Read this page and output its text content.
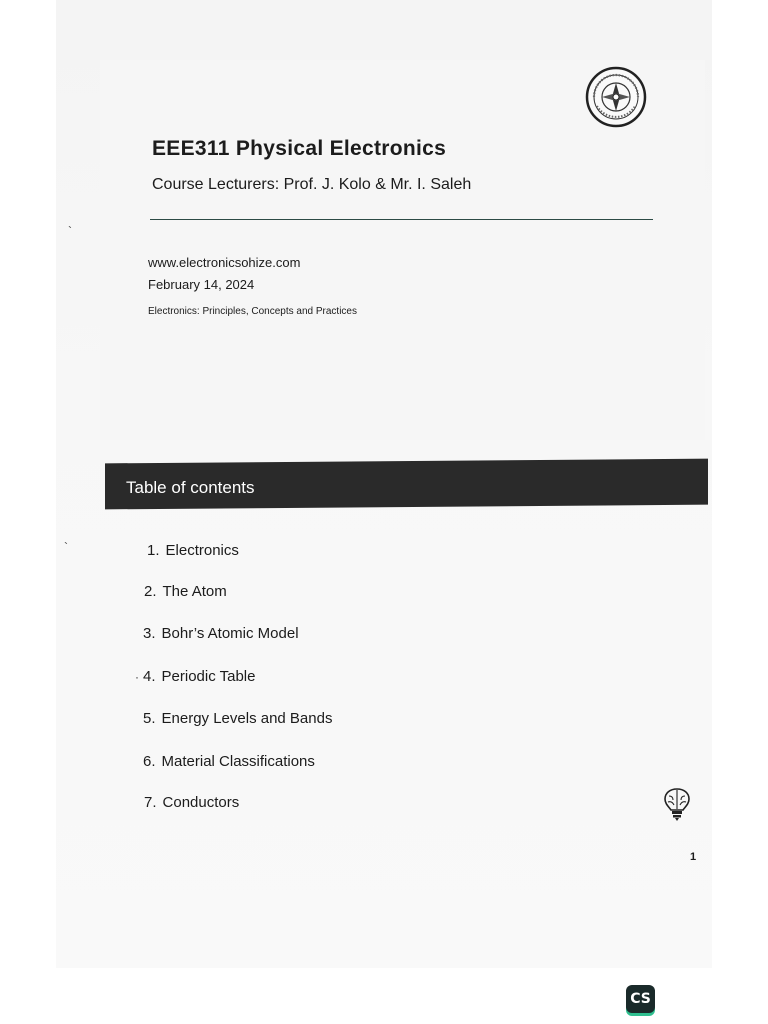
EEE311 Physical Electronics
Course Lecturers: Prof. J. Kolo & Mr. I. Saleh
www.electronicsohize.com
February 14, 2024
Electronics: Principles, Concepts and Practices
`
`
Table of contents
1. Electronics
2. The Atom
3. Bohr’s Atomic Model
4. Periodic Table
5. Energy Levels and Bands
6. Material Classifications
7. Conductors
·
1
CS
